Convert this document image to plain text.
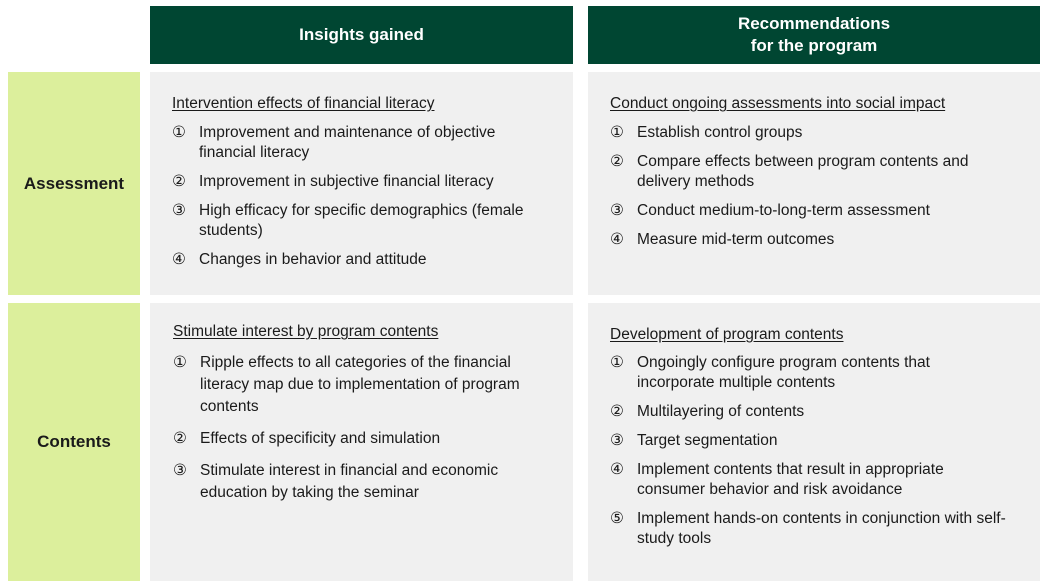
Insights gained
Recommendations
for the program
Assessment
Contents
Intervention effects of financial literacy
① Improvement and maintenance of objective financial literacy
② Improvement in subjective financial literacy
③ High efficacy for specific demographics (female students)
④ Changes in behavior and attitude
Conduct ongoing assessments into social impact
① Establish control groups
② Compare effects between program contents and delivery methods
③ Conduct medium-to-long-term assessment
④ Measure mid-term outcomes
Stimulate interest by program contents
① Ripple effects to all categories of the financial literacy map due to implementation of program contents
② Effects of specificity and simulation
③ Stimulate interest in financial and economic education by taking the seminar
Development of program contents
① Ongoingly configure program contents that incorporate multiple contents
② Multilayering of contents
③ Target segmentation
④ Implement contents that result in appropriate consumer behavior and risk avoidance
⑤ Implement hands-on contents in conjunction with self-study tools
